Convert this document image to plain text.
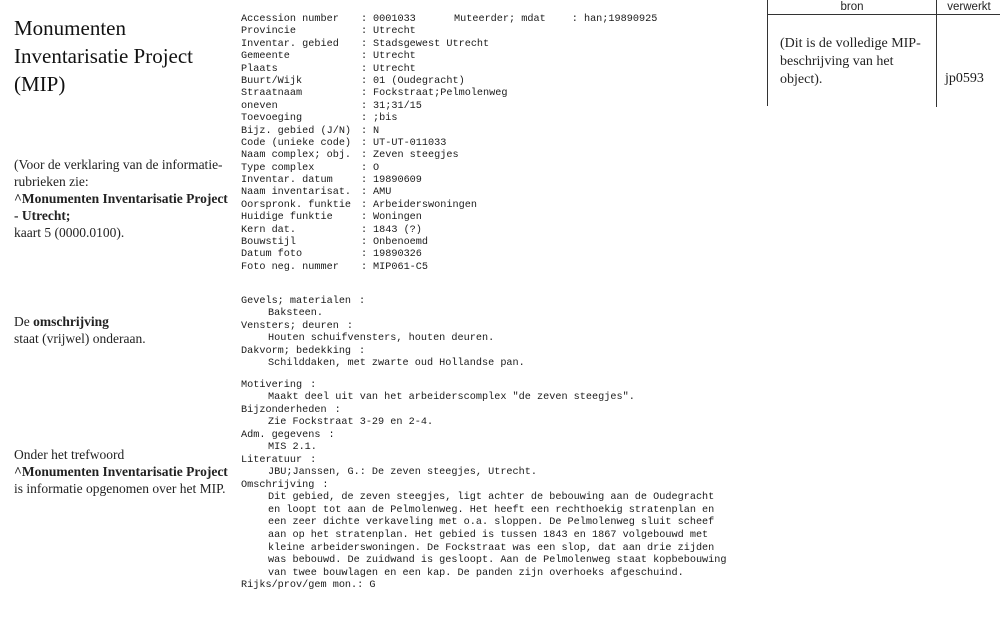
Monumenten Inventarisatie Project (MIP)
(Voor de verklaring van de informatie-rubrieken zie:
^Monumenten Inventarisatie Project - Utrecht;
kaart 5 (0000.0100).
De omschrijving
staat (vrijwel) onderaan.
Onder het trefwoord
^Monumenten Inventarisatie Project is informatie opgenomen over het MIP.
Muteerder; mdat	: han;19890925
Accession number	: 0001033
Provincie	: Utrecht
Inventar. gebied	: Stadsgewest Utrecht
Gemeente	: Utrecht
Plaats	: Utrecht
Buurt/Wijk	: 01 (Oudegracht)
Straatnaam	: Fockstraat;Pelmolenweg
oneven	: 31;31/15
Toevoeging	: ;bis
Bijz. gebied (J/N) : N
Code (unieke code) : UT-UT-011033
Naam complex; obj. : Zeven steegjes
Type complex	: O
Inventar. datum	: 19890609
Naam inventarisat. : AMU
Oorspronk. funktie : Arbeiderswoningen
Huidige funktie	: Woningen
Kern dat.	: 1843 (?)
Bouwstijl	: Onbenoemd
Datum foto	: 19890326
Foto neg. nummer	: MIP061-C5
Gevels; materialen :
Baksteen.
Vensters; deuren :
Houten schuifvensters, houten deuren.
Dakvorm; bedekking :
Schilddaken, met zwarte oud Hollandse pan.
Motivering :
Maakt deel uit van het arbeiderscomplex "de zeven steegjes".
Bijzonderheden :
Zie Fockstraat 3-29 en 2-4.
Adm. gegevens :
MIS 2.1.
Literatuur :
JBU;Janssen, G.: De zeven steegjes, Utrecht.
Omschrijving :
Dit gebied, de zeven steegjes, ligt achter de bebouwing aan de Oudegracht
en loopt tot aan de Pelmolenweg. Het heeft een rechthoekig stratenplan en
een zeer dichte verkaveling met o.a. sloppen. De Pelmolenweg sluit scheef
aan op het stratenplan. Het gebied is tussen 1843 en 1867 volgebouwd met
kleine arbeiderswoningen. De Fockstraat was een slop, dat aan drie zijden
was bebouwd. De zuidwand is gesloopt. Aan de Pelmolenweg staat kopbebouwing
van twee bouwlagen en een kap. De panden zijn overhoeks afgeschuind.
Rijks/prov/gem mon. : G
bron	verwerkt
(Dit is de volledige MIP-beschrijving van het object).	jp0593
